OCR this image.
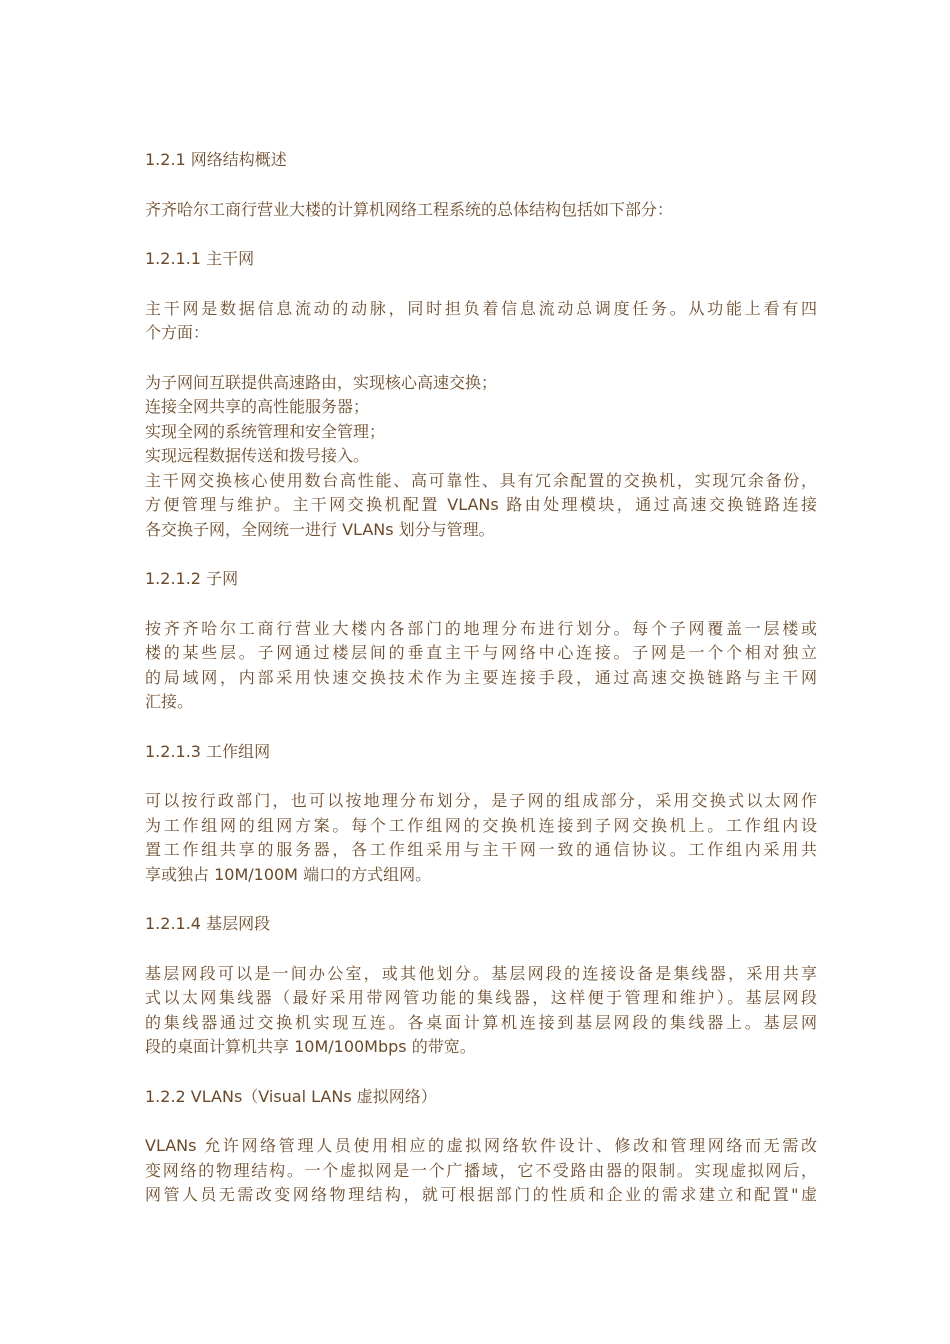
1.2.1 网络结构概述
齐齐哈尔工商行营业大楼的计算机网络工程系统的总体结构包括如下部分：
1.2.1.1 主干网
主干网是数据信息流动的动脉，同时担负着信息流动总调度任务。从功能上看有四
个方面：
为子网间互联提供高速路由，实现核心高速交换；
连接全网共享的高性能服务器；
实现全网的系统管理和安全管理；
实现远程数据传送和拨号接入。
主干网交换核心使用数台高性能、高可靠性、具有冗余配置的交换机，实现冗余备份，
方便管理与维护。主干网交换机配置 VLANs 路由处理模块，通过高速交换链路连接
各交换子网，全网统一进行 VLANs 划分与管理。
1.2.1.2 子网
按齐齐哈尔工商行营业大楼内各部门的地理分布进行划分。每个子网覆盖一层楼或
楼的某些层。子网通过楼层间的垂直主干与网络中心连接。子网是一个个相对独立
的局域网，内部采用快速交换技术作为主要连接手段，通过高速交换链路与主干网
汇接。
1.2.1.3 工作组网
可以按行政部门，也可以按地理分布划分，是子网的组成部分，采用交换式以太网作
为工作组网的组网方案。每个工作组网的交换机连接到子网交换机上。工作组内设
置工作组共享的服务器，各工作组采用与主干网一致的通信协议。工作组内采用共
享或独占 10M/100M 端口的方式组网。
1.2.1.4 基层网段
基层网段可以是一间办公室，或其他划分。基层网段的连接设备是集线器，采用共享
式以太网集线器（最好采用带网管功能的集线器，这样便于管理和维护）。基层网段
的集线器通过交换机实现互连。各桌面计算机连接到基层网段的集线器上。基层网
段的桌面计算机共享 10M/100Mbps 的带宽。
1.2.2 VLANs（Visual LANs 虚拟网络）
VLANs 允许网络管理人员使用相应的虚拟网络软件设计、修改和管理网络而无需改
变网络的物理结构。一个虚拟网是一个广播域，它不受路由器的限制。实现虚拟网后，
网管人员无需改变网络物理结构，就可根据部门的性质和企业的需求建立和配置"虚
